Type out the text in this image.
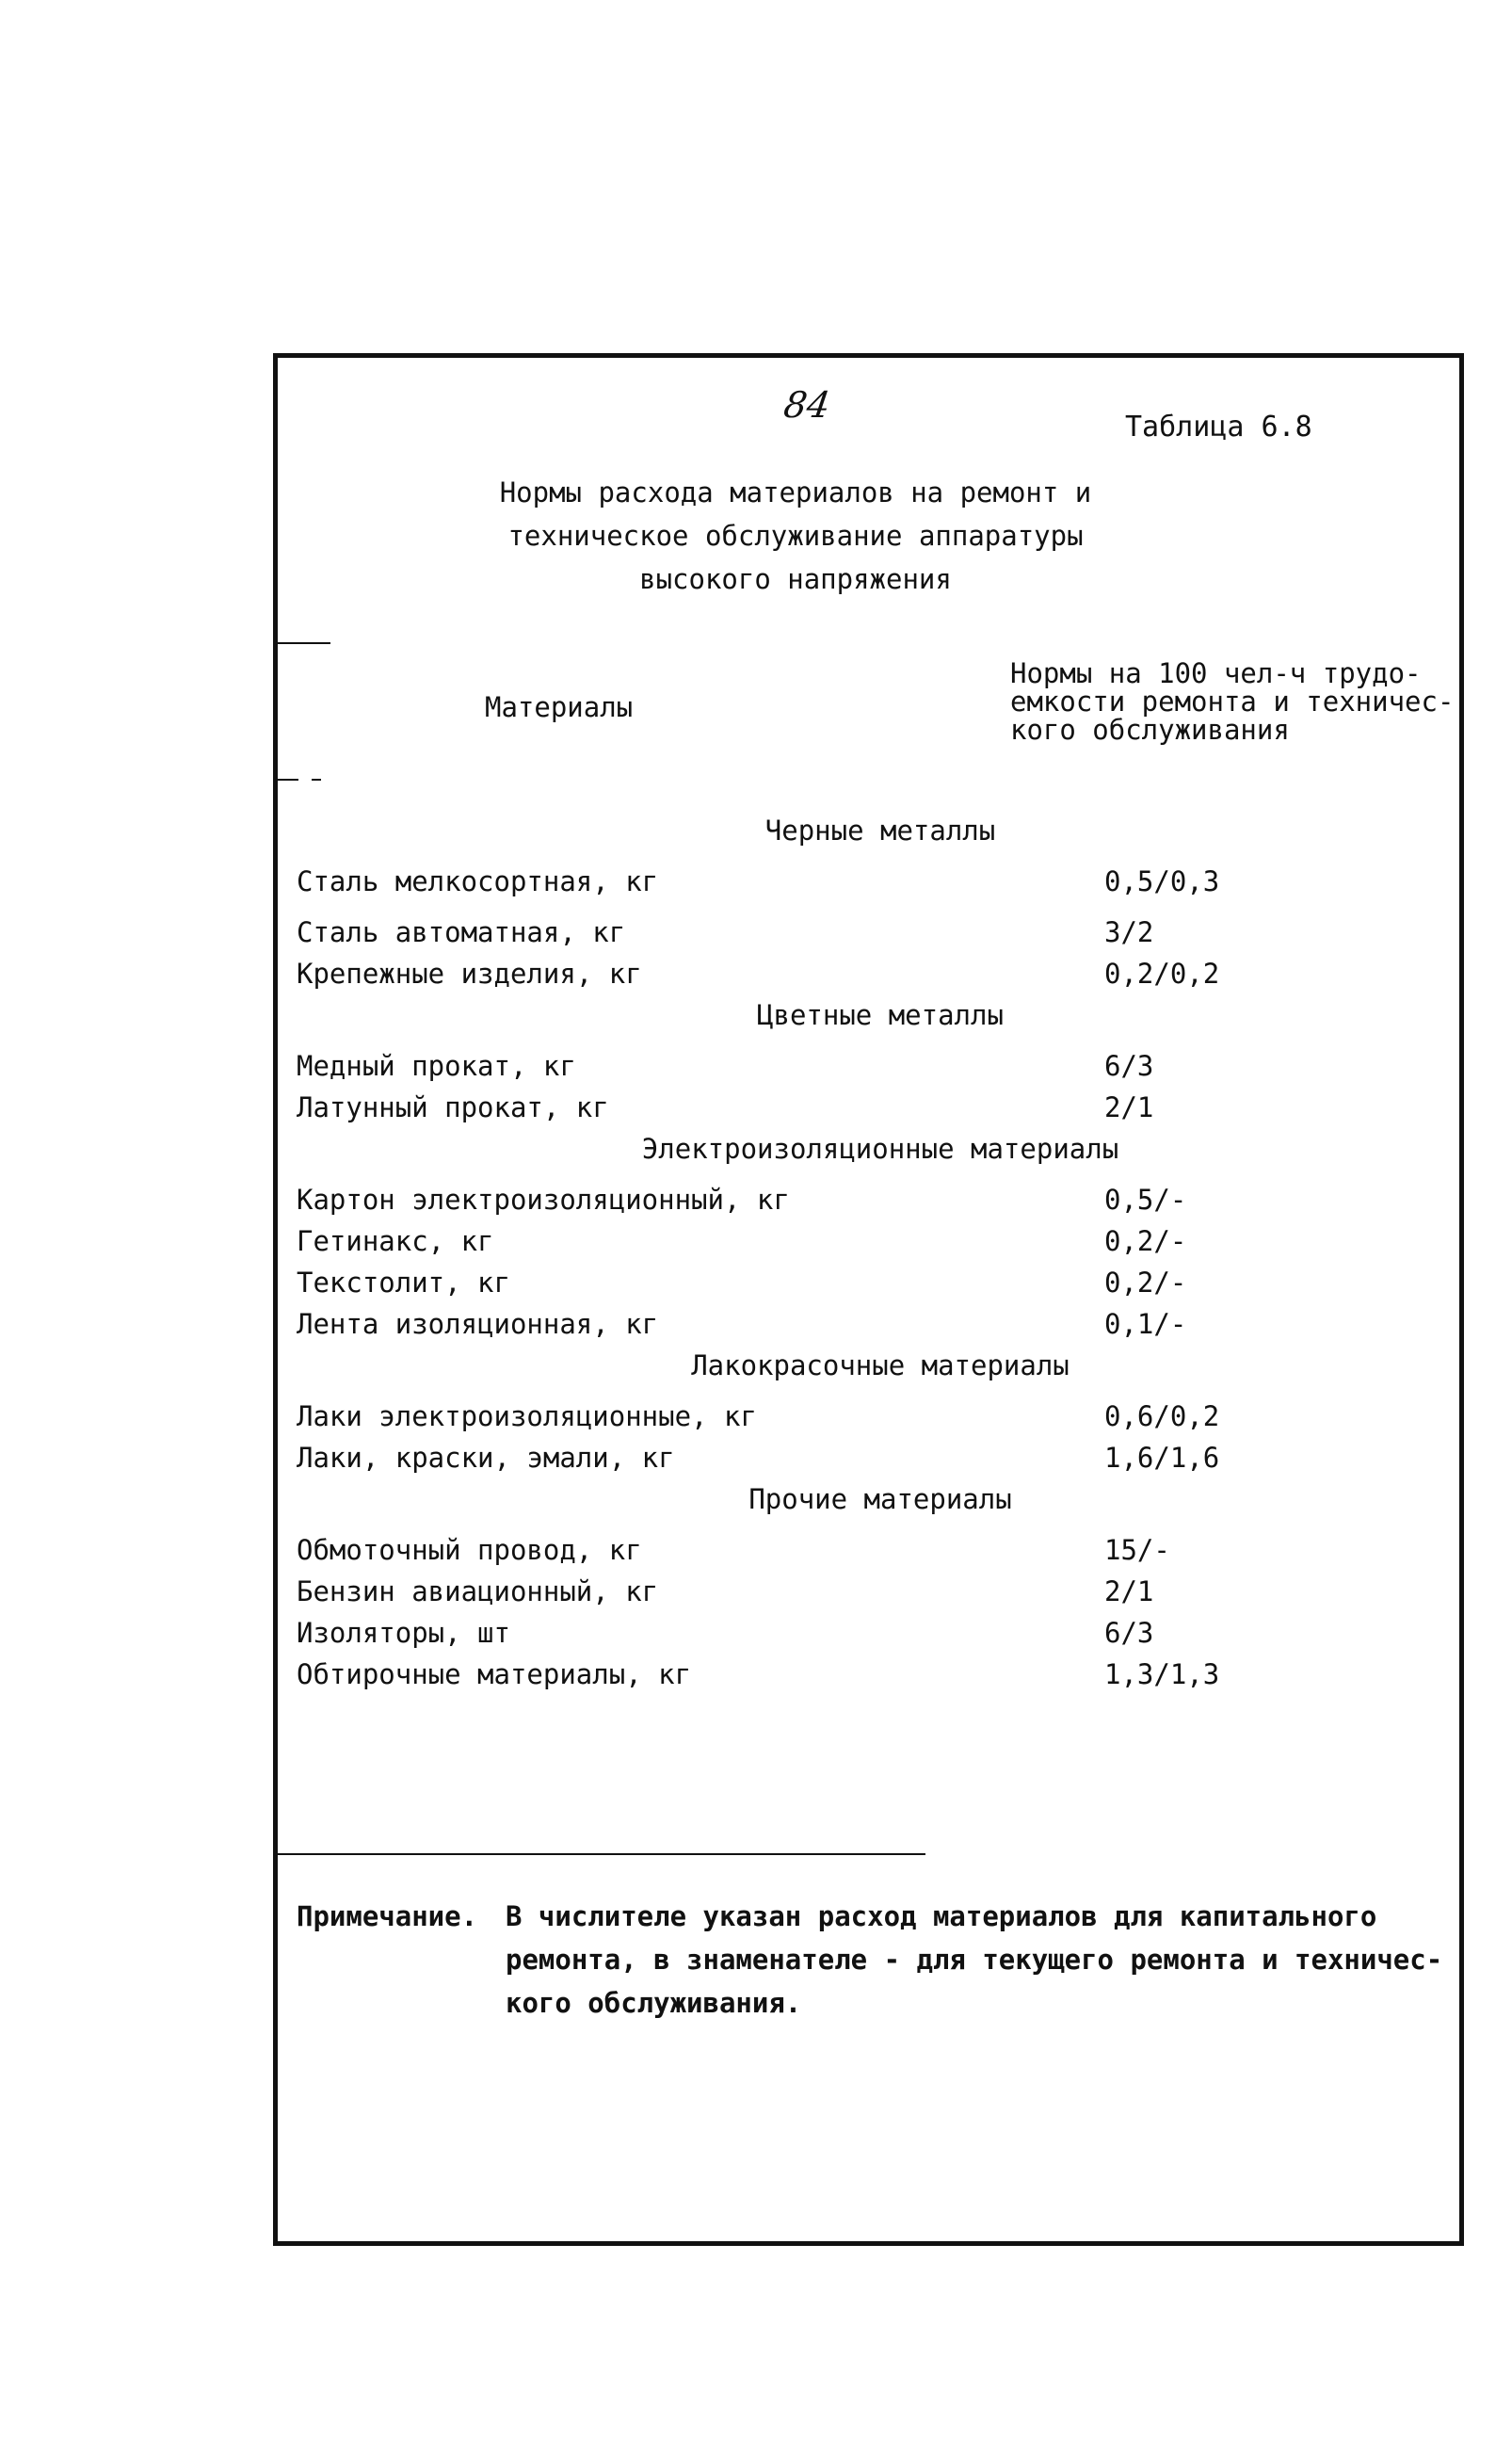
84
Таблица 6.8
Нормы расхода материалов на ремонт и
техническое обслуживание аппаратуры
высокого напряжения
Материалы
Нормы на 100 чел-ч трудо-
емкости ремонта и техничес-
кого обслуживания
Черные металлы
Сталь мелкосортная, кг	0,5/0,3
Сталь автоматная, кг	3/2
Крепежные изделия, кг	0,2/0,2
Цветные металлы
Медный прокат, кг	6/3
Латунный прокат, кг	2/1
Электроизоляционные материалы
Картон электроизоляционный, кг	0,5/-
Гетинакс, кг	0,2/-
Текстолит, кг	0,2/-
Лента изоляционная, кг	0,1/-
Лакокрасочные материалы
Лаки электроизоляционные, кг	0,6/0,2
Лаки, краски, эмали, кг	1,6/1,6
Прочие материалы
Обмоточный провод, кг	15/-
Бензин авиационный, кг	2/1
Изоляторы, шт	6/3
Обтирочные материалы, кг	1,3/1,3
Примечание. В числителе указан расход материалов для капитального
ремонта, в знаменателе - для текущего ремонта и техничес-
кого обслуживания.
